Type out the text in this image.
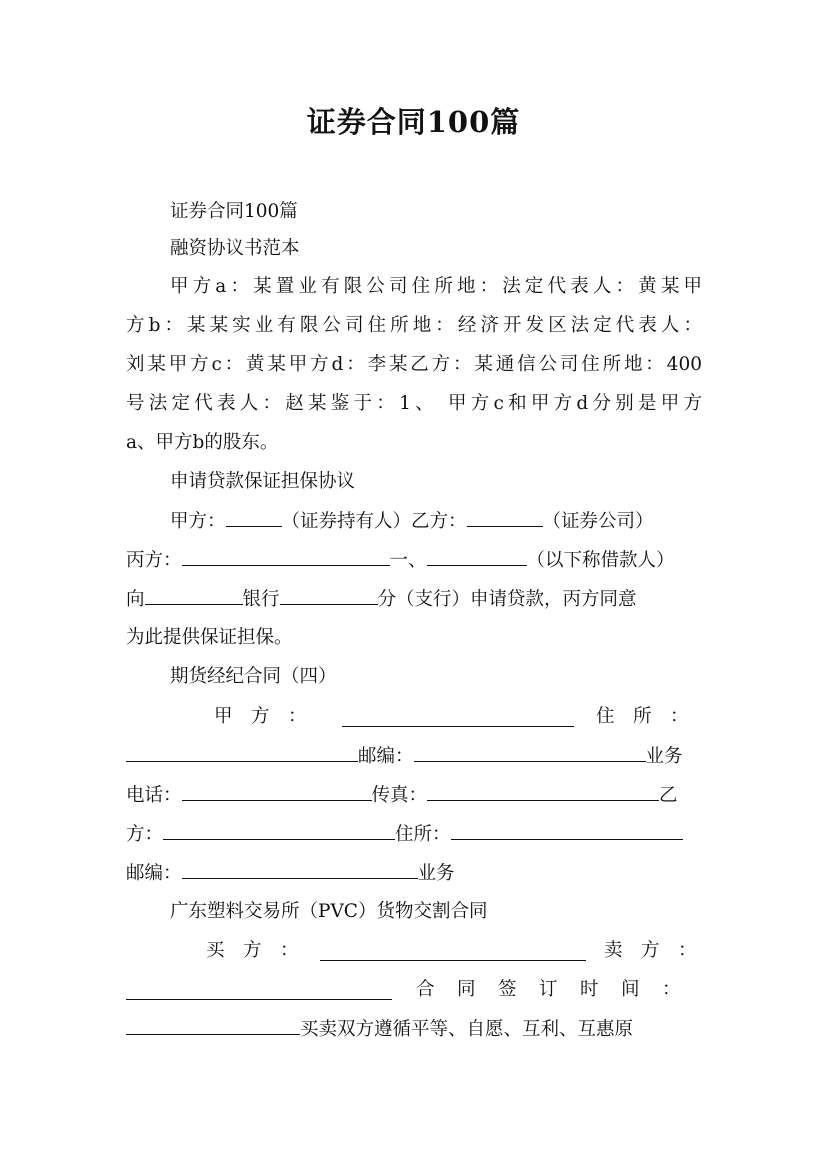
证券合同100篇
证券合同100篇
融资协议书范本
甲方a：某置业有限公司住所地：法定代表人：黄某甲
方b：某某实业有限公司住所地：经济开发区法定代表人：
刘某甲方c：黄某甲方d：李某乙方：某通信公司住所地：400
号法定代表人：赵某鉴于：1、 甲方c和甲方d分别是甲方
a、甲方b的股东。
申请贷款保证担保协议
甲方：	（证券持有人）乙方：	（证券公司）
丙方：	一、	（以下称借款人）
向	银行	分（支行）申请贷款，丙方同意
为此提供保证担保。
期货经纪合同（四）
甲　方　：	住　所　：
邮编：	业务
电话：	传真：	乙
方：	住所：
邮编：	业务
广东塑料交易所（PVC）货物交割合同
买　方　：	卖　方　：
合　同　签　订　时　间　：
买卖双方遵循平等、自愿、互利、互惠原
